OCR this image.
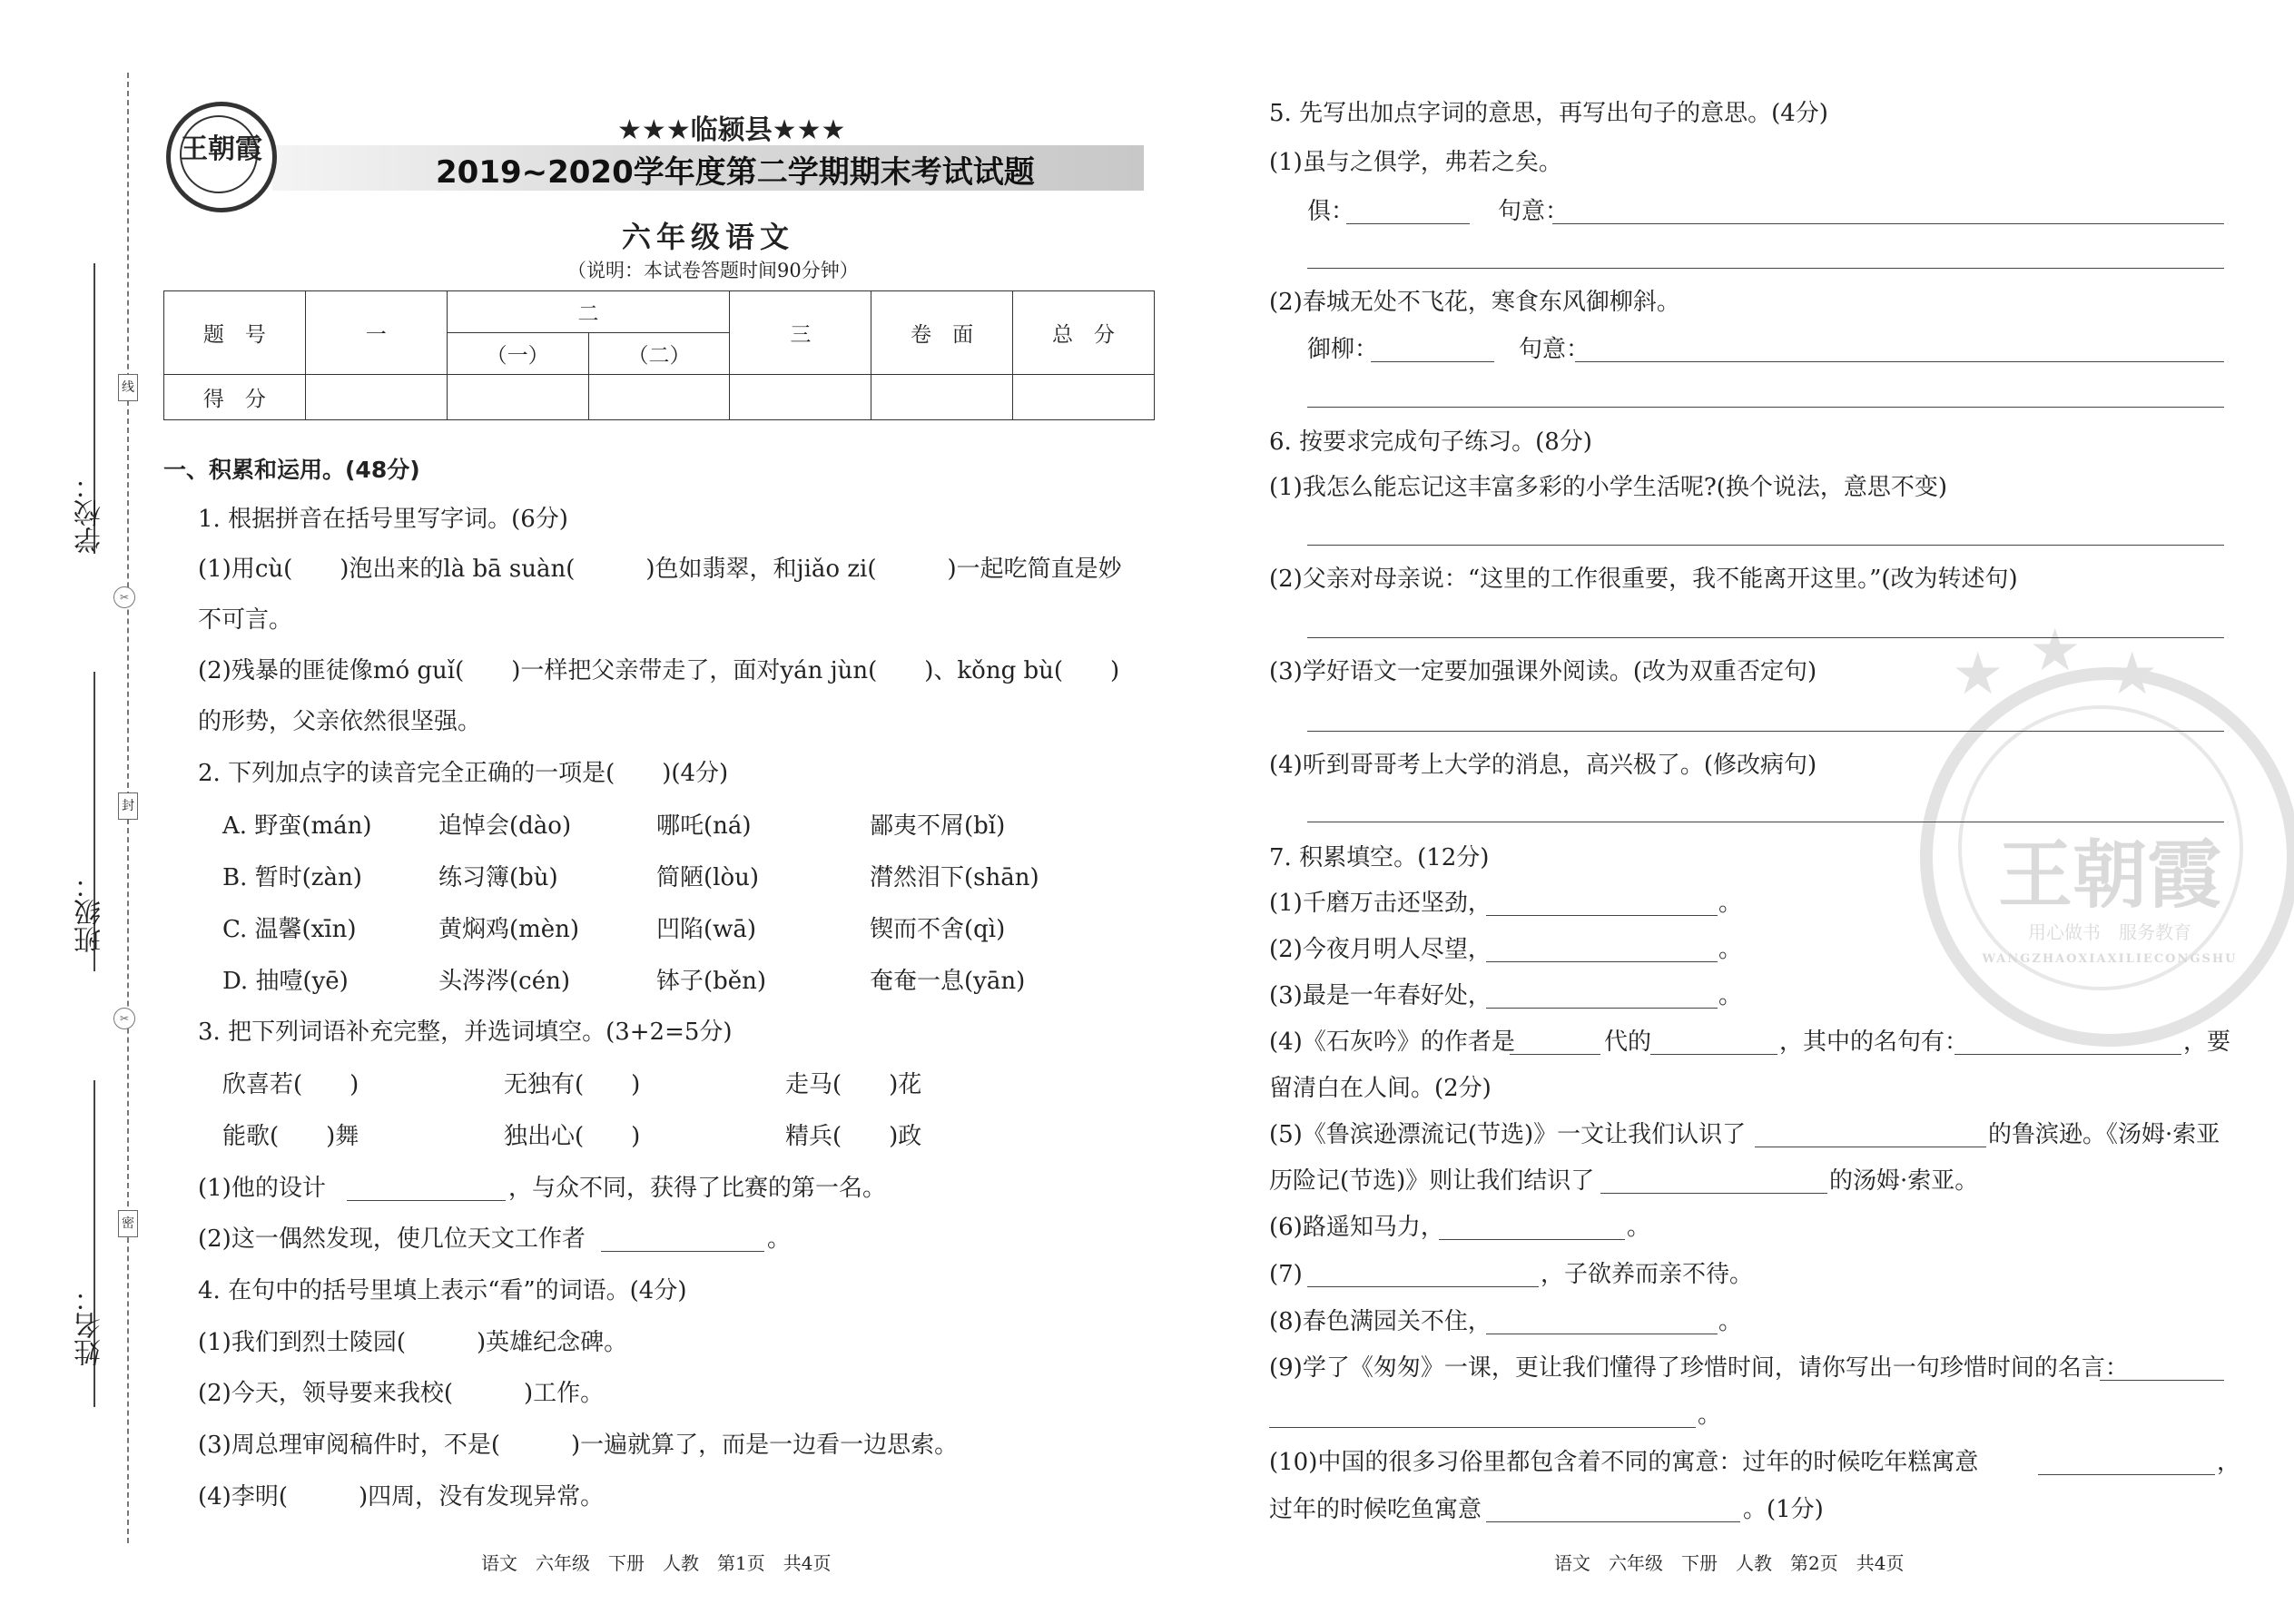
学校：
班级：
姓名：
线
封
密
✂
✂
王朝霞
★★★临颍县★★★
2019~2020学年度第二学期期末考试试题
六年级语文
（说明：本试卷答题时间90分钟）
题　号	一	二		三	卷　面	总　分
		（一）	（二）			
得　分						
一、积累和运用。(48分)
1. 根据拼音在括号里写字词。(6分)
(1)用cù(　　)泡出来的là bā suàn(　　　)色如翡翠，和jiǎo zi(　　　)一起吃简直是妙
不可言。
(2)残暴的匪徒像mó guǐ(　　)一样把父亲带走了，面对yán jùn(　　)、kǒng bù(　　)
的形势，父亲依然很坚强。
2. 下列加点字的读音完全正确的一项是(　　)(4分)
A. 野蛮(mán)	追悼会(dào)	哪吒(ná)	鄙夷不屑(bǐ)
B. 暂时(zàn)	练习簿(bù)	简陋(lòu)	潸然泪下(shān)
C. 温馨(xīn)	黄焖鸡(mèn)	凹陷(wā)	锲而不舍(qì)
D. 抽噎(yē)	头涔涔(cén)	钵子(běn)	奄奄一息(yān)
3. 把下列词语补充完整，并选词填空。(3+2=5分)
欣喜若(　　)	无独有(　　)	走马(　　)花
能歌(　　)舞	独出心(　　)	精兵(　　)政
(1)他的设计	，与众不同，获得了比赛的第一名。
(2)这一偶然发现，使几位天文工作者	。
4. 在句中的括号里填上表示“看”的词语。(4分)
(1)我们到烈士陵园(　　　)英雄纪念碑。
(2)今天，领导要来我校(　　　)工作。
(3)周总理审阅稿件时，不是(　　　)一遍就算了，而是一边看一边思索。
(4)李明(　　　)四周，没有发现异常。
语文　六年级　下册　人教　第1页　共4页
王朝霞
用心做书　服务教育
WANGZHAOXIAXILIECONGSHU
★ ★ ★
5. 先写出加点字词的意思，再写出句子的意思。(4分)
(1)虽与之俱学，弗若之矣。
俱：	句意：
(2)春城无处不飞花，寒食东风御柳斜。
御柳：	句意：
6. 按要求完成句子练习。(8分)
(1)我怎么能忘记这丰富多彩的小学生活呢?(换个说法，意思不变)
(2)父亲对母亲说：“这里的工作很重要，我不能离开这里。”(改为转述句)
(3)学好语文一定要加强课外阅读。(改为双重否定句)
(4)听到哥哥考上大学的消息，高兴极了。(修改病句)
7. 积累填空。(12分)
(1)千磨万击还坚劲，	。
(2)今夜月明人尽望，	。
(3)最是一年春好处，	。
(4)《石灰吟》的作者是	代的	，其中的名句有：	，要
留清白在人间。(2分)
(5)《鲁滨逊漂流记(节选)》一文让我们认识了	的鲁滨逊。《汤姆·索亚
历险记(节选)》则让我们结识了	的汤姆·索亚。
(6)路遥知马力，	。
(7)	，子欲养而亲不待。
(8)春色满园关不住，	。
(9)学了《匆匆》一课，更让我们懂得了珍惜时间，请你写出一句珍惜时间的名言：
。
(10)中国的很多习俗里都包含着不同的寓意：过年的时候吃年糕寓意	，
过年的时候吃鱼寓意	。(1分)
语文　六年级　下册　人教　第2页　共4页
